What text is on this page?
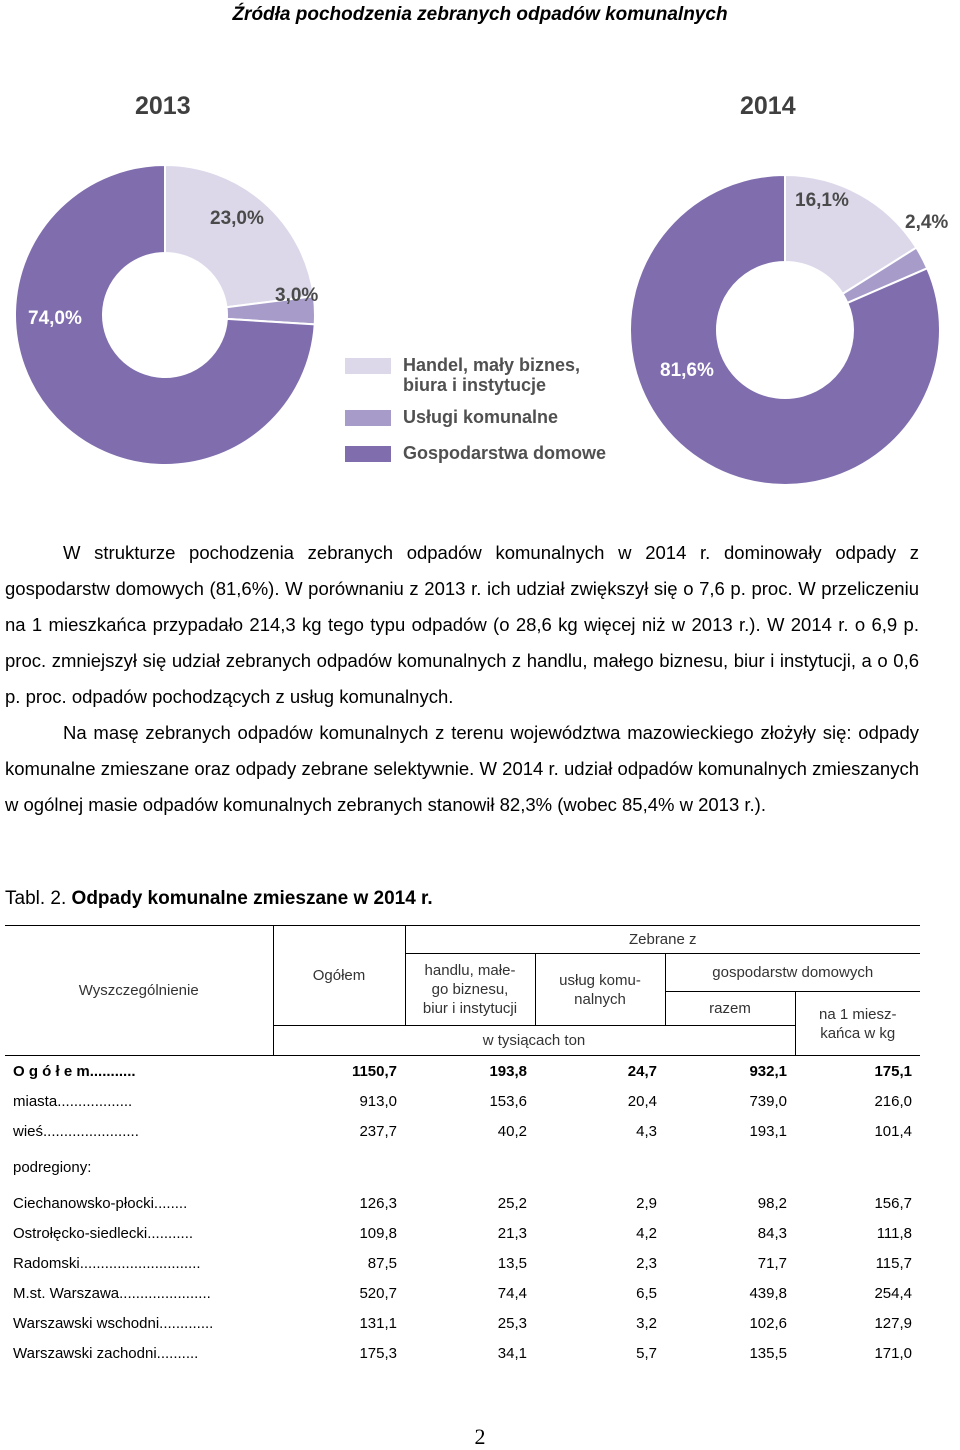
Źródła pochodzenia zebranych odpadów komunalnych
2013	2014
23,0%
3,0%
74,0%
16,1%
2,4%
81,6%
Handel, mały biznes,
biura i instytucje
Usługi komunalne
Gospodarstwa domowe

W strukturze pochodzenia zebranych odpadów komunalnych w 2014 r. dominowały odpady z gospodarstw domowych (81,6%). W porównaniu z 2013 r. ich udział zwiększył się o 7,6 p. proc. W przeliczeniu na 1 mieszkańca przypadało 214,3 kg tego typu odpadów (o 28,6 kg więcej niż w 2013 r.). W 2014 r. o 6,9 p. proc. zmniejszył się udział zebranych odpadów komunalnych z handlu, małego biznesu, biur i instytucji, a o 0,6 p. proc. odpadów pochodzących z usług komunalnych.

Na masę zebranych odpadów komunalnych z terenu województwa mazowieckiego złożyły się: odpady komunalne zmieszane oraz odpady zebrane selektywnie. W 2014 r. udział odpadów komunalnych zmieszanych w ogólnej masie odpadów komunalnych zebranych stanowił 82,3% (wobec 85,4% w 2013 r.).

Tabl. 2. Odpady komunalne zmieszane w 2014 r.
Wyszczególnienie	Ogółem	Zebrane z			
		handlu, małe-
go biznesu,
biur i instytucji	usług komu-
nalnych	gospodarstw domowych	
				razem	na 1 miesz-
kańca w kg
	w tysiącach ton				
O g ó ł e m...........	1150,7	193,8	24,7	932,1	175,1
miasta..................	913,0	153,6	20,4	739,0	216,0
wieś.......................	237,7	40,2	4,3	193,1	101,4
podregiony:					
Ciechanowsko-płocki........	126,3	25,2	2,9	98,2	156,7
Ostrołęcko-siedlecki...........	109,8	21,3	4,2	84,3	111,8
Radomski.............................	87,5	13,5	2,3	71,7	115,7
M.st. Warszawa......................	520,7	74,4	6,5	439,8	254,4
Warszawski wschodni.............	131,1	25,3	3,2	102,6	127,9
Warszawski zachodni..........	175,3	34,1	5,7	135,5	171,0
2
